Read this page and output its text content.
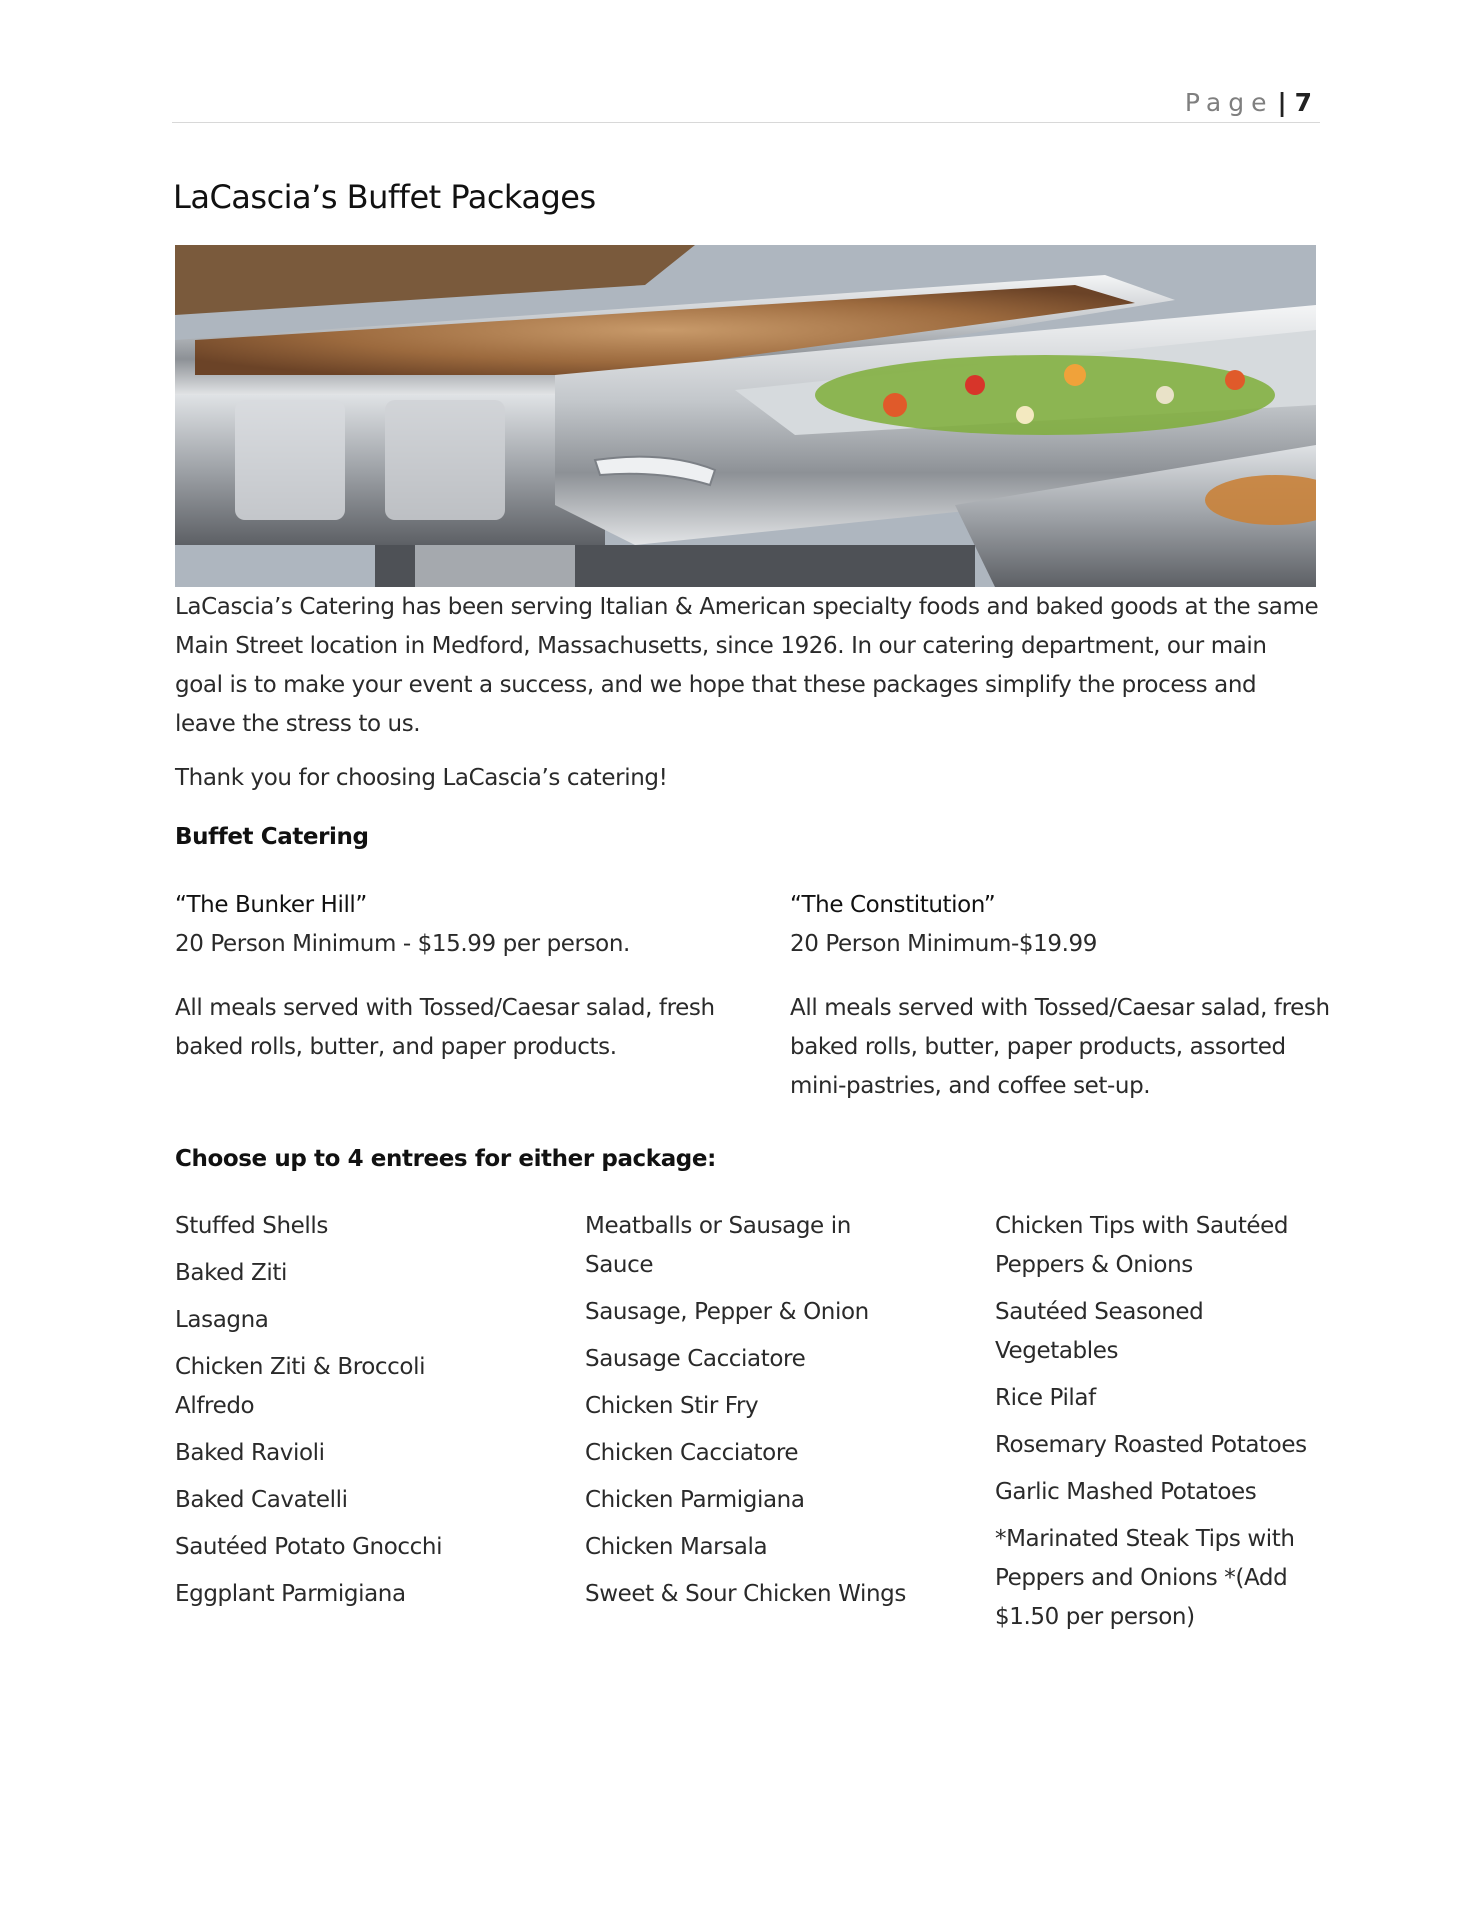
Page | 7
LaCascia’s Buffet Packages

LaCascia’s Catering has been serving Italian & American specialty foods and baked goods at the same Main Street location in Medford, Massachusetts, since 1926. In our catering department, our main goal is to make your event a success, and we hope that these packages simplify the process and leave the stress to us.

Thank you for choosing LaCascia’s catering!

Buffet Catering

“The Bunker Hill”

20 Person Minimum - $15.99 per person.

All meals served with Tossed/Caesar salad, fresh baked rolls, butter, and paper products.

“The Constitution”

20 Person Minimum-$19.99

All meals served with Tossed/Caesar salad, fresh baked rolls, butter, paper products, assorted mini-pastries, and coffee set-up.

Choose up to 4 entrees for either package:

Stuffed Shells

Baked Ziti

Lasagna

Chicken Ziti & Broccoli Alfredo

Baked Ravioli

Baked Cavatelli

Sautéed Potato Gnocchi

Eggplant Parmigiana

Meatballs or Sausage in Sauce

Sausage, Pepper & Onion

Sausage Cacciatore

Chicken Stir Fry

Chicken Cacciatore

Chicken Parmigiana

Chicken Marsala

Sweet & Sour Chicken Wings

Chicken Tips with Sautéed Peppers & Onions

Sautéed Seasoned Vegetables

Rice Pilaf

Rosemary Roasted Potatoes

Garlic Mashed Potatoes

*Marinated Steak Tips with Peppers and Onions *(Add $1.50 per person)
